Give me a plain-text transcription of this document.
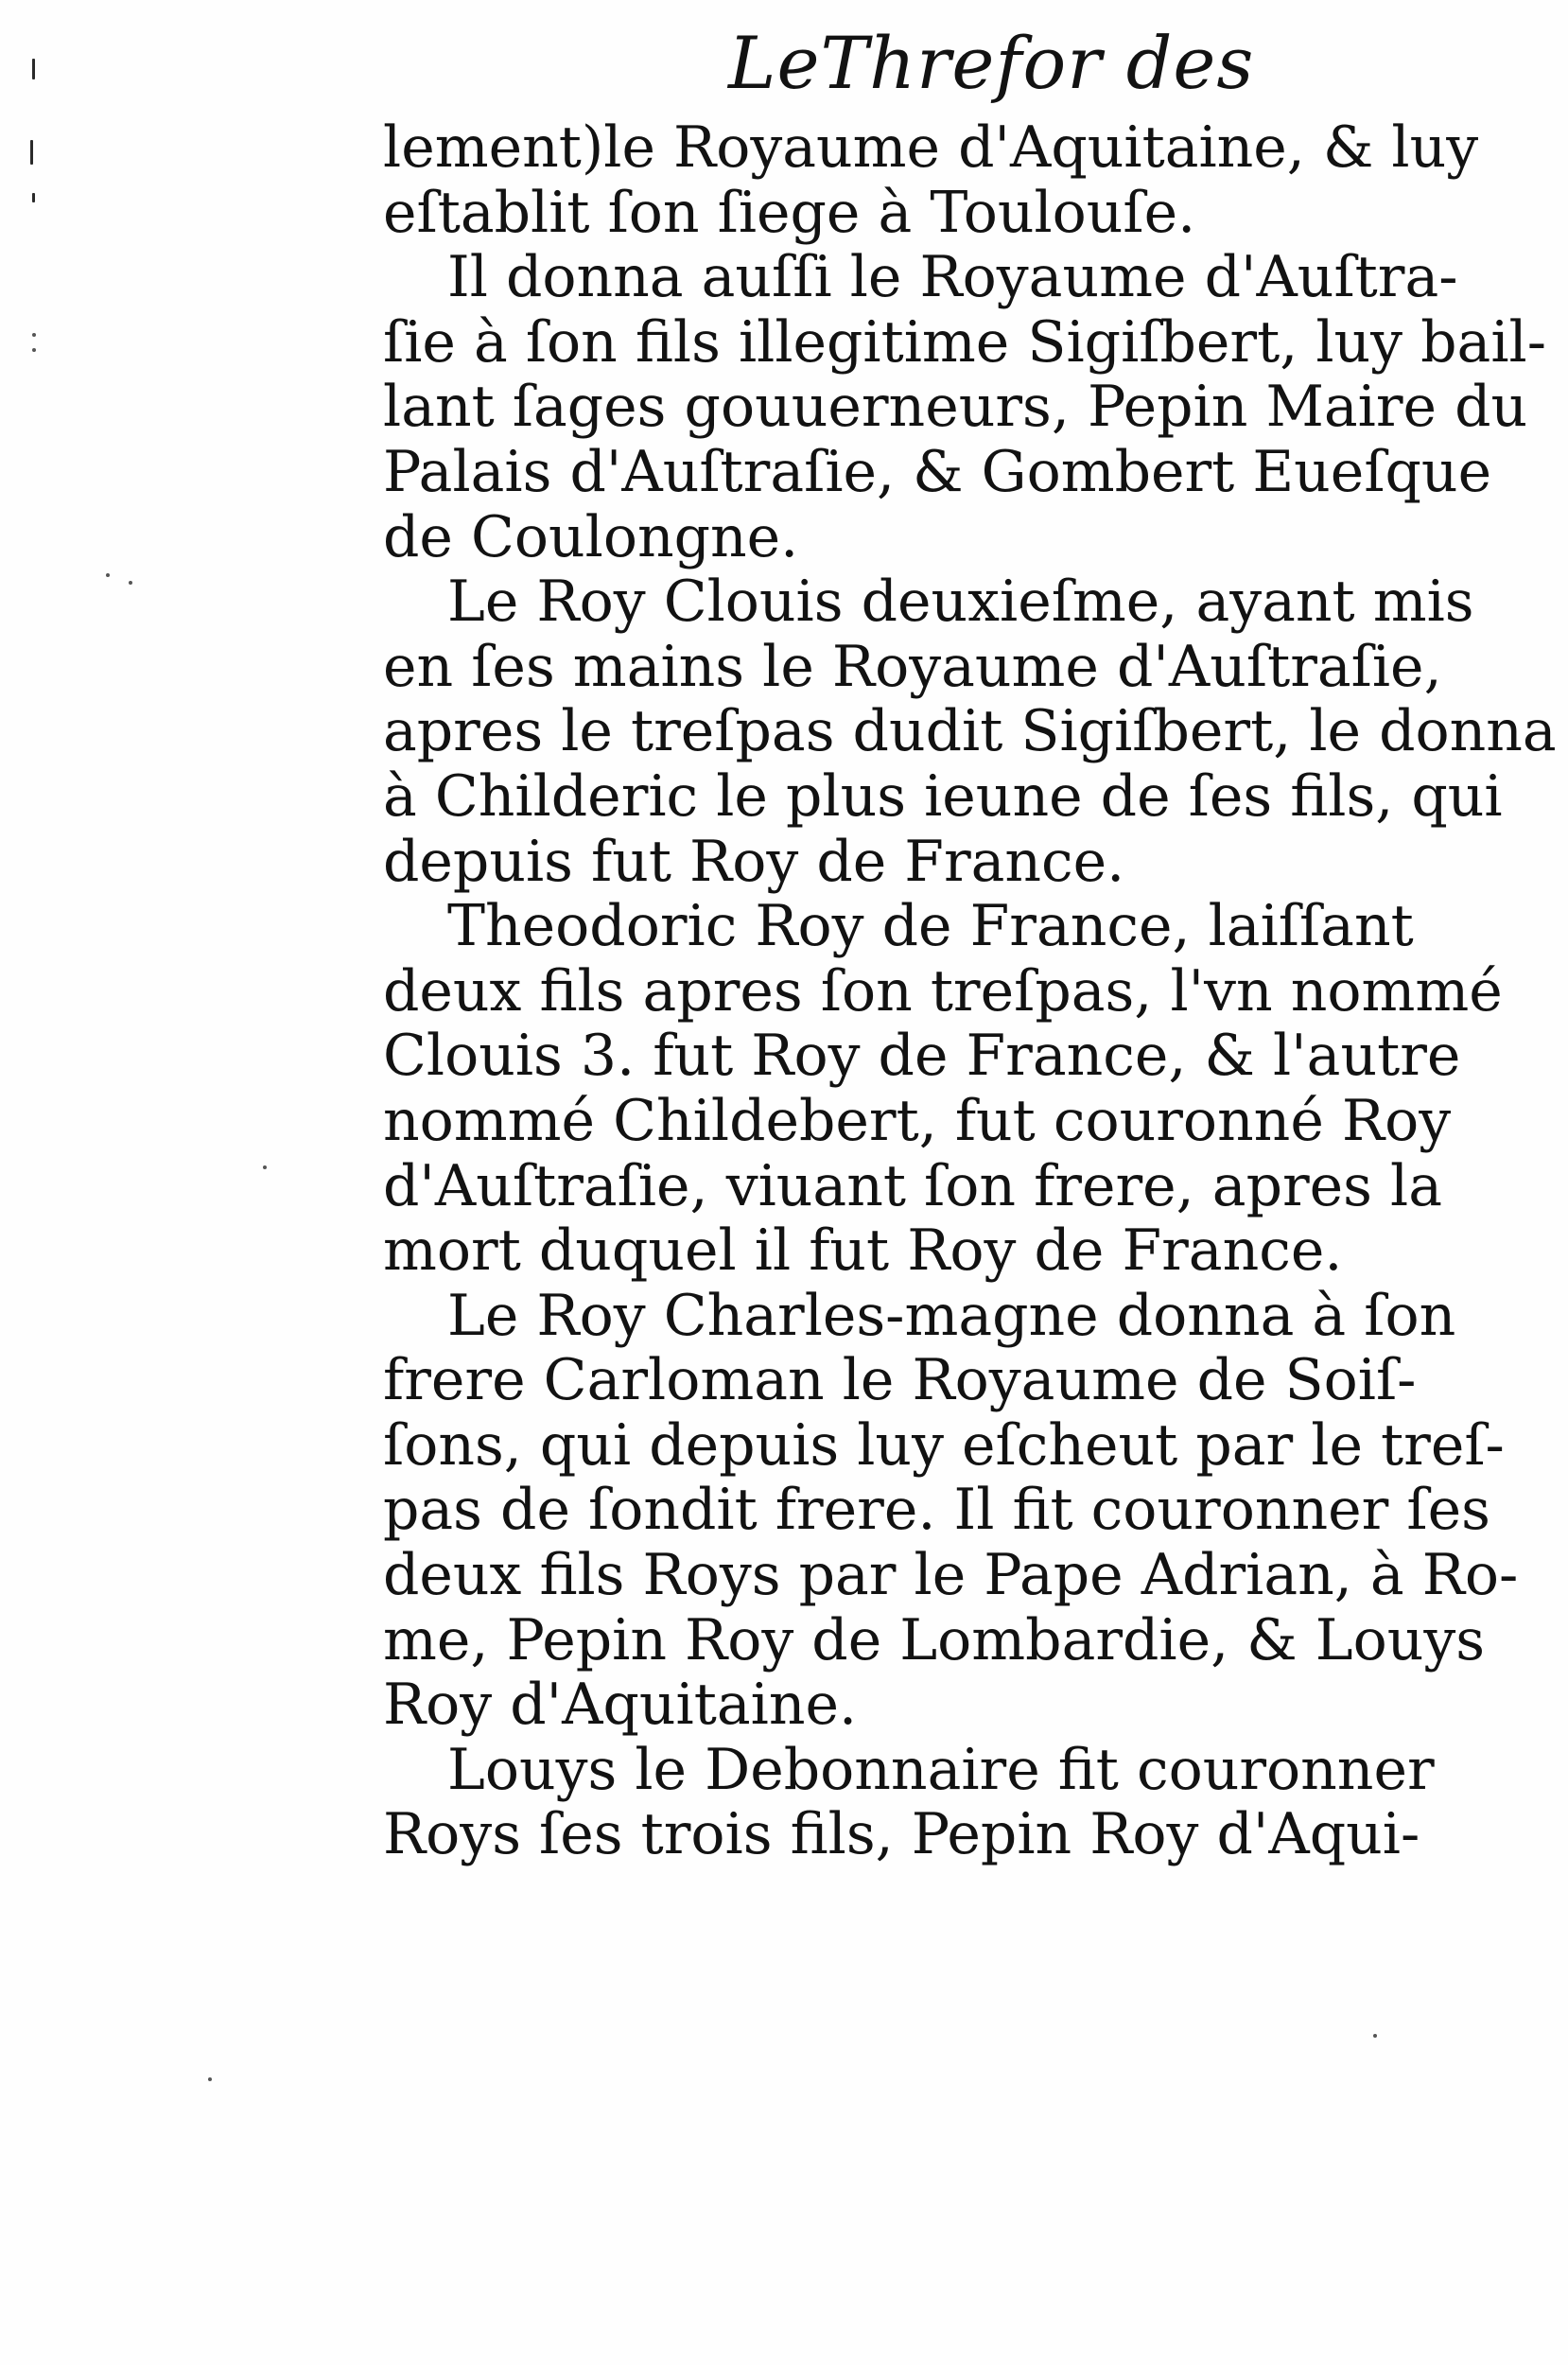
LeThrefor des
lement)le Royaume d'Aquitaine, & luy
eſtablit ſon ſiege à Toulouſe.
Il donna auſſi le Royaume d'Auſtra-
ſie à ſon fils illegitime Sigiſbert, luy bail-
lant ſages gouuerneurs, Pepin Maire du
Palais d'Auſtraſie, & Gombert Eueſque
de Coulongne.
Le Roy Clouis deuxieſme, ayant mis
en ſes mains le Royaume d'Auſtraſie,
apres le treſpas dudit Sigiſbert, le donna
à Childeric le plus ieune de ſes fils, qui
depuis fut Roy de France.
Theodoric Roy de France, laiſſant
deux fils apres ſon treſpas, l'vn nommé
Clouis 3. fut Roy de France, & l'autre
nommé Childebert, fut couronné Roy
d'Auſtraſie, viuant ſon frere, apres la
mort duquel il fut Roy de France.
Le Roy Charles-magne donna à ſon
frere Carloman le Royaume de Soiſ-
ſons, qui depuis luy eſcheut par le treſ-
pas de ſondit frere. Il fit couronner ſes
deux fils Roys par le Pape Adrian, à Ro-
me, Pepin Roy de Lombardie, & Louys
Roy d'Aquitaine.
Louys le Debonnaire fit couronner
Roys ſes trois fils, Pepin Roy d'Aqui-
